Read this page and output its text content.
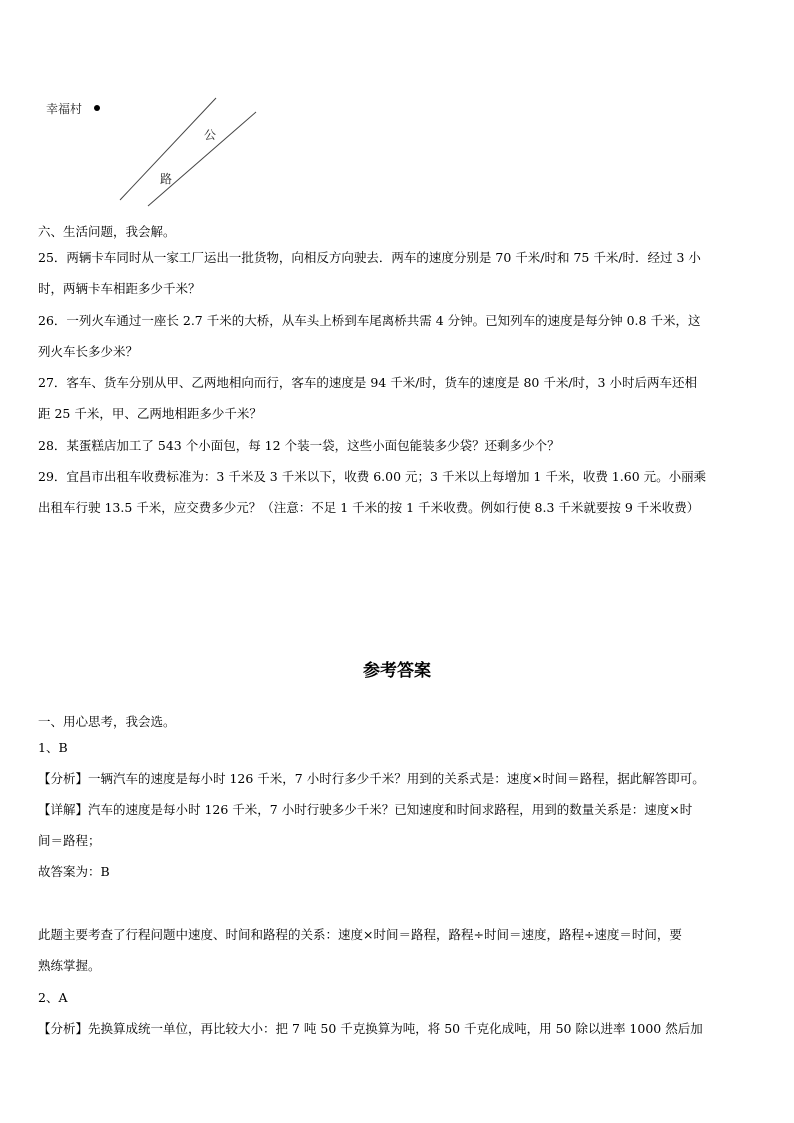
幸福村
公
路
六、生活问题，我会解。
25．两辆卡车同时从一家工厂运出一批货物，向相反方向驶去．两车的速度分别是 70 千米/时和 75 千米/时．经过 3 小
时，两辆卡车相距多少千米？
26．一列火车通过一座长 2.7 千米的大桥，从车头上桥到车尾离桥共需 4 分钟。已知列车的速度是每分钟 0.8 千米，这
列火车长多少米？
27．客车、货车分别从甲、乙两地相向而行，客车的速度是 94 千米/时，货车的速度是 80 千米/时，3 小时后两车还相
距 25 千米，甲、乙两地相距多少千米？
28．某蛋糕店加工了 543 个小面包，每 12 个装一袋，这些小面包能装多少袋？还剩多少个？
29．宜昌市出租车收费标准为：3 千米及 3 千米以下，收费 6.00 元；3 千米以上每增加 1 千米，收费 1.60 元。小丽乘
出租车行驶 13.5 千米，应交费多少元？（注意：不足 1 千米的按 1 千米收费。例如行使 8.3 千米就要按 9 千米收费）
参考答案
一、用心思考，我会选。
1、B
【分析】一辆汽车的速度是每小时 126 千米，7 小时行多少千米？用到的关系式是：速度×时间＝路程，据此解答即可。
【详解】汽车的速度是每小时 126 千米，7 小时行驶多少千米？已知速度和时间求路程，用到的数量关系是：速度×时
间＝路程；
故答案为：B
此题主要考查了行程问题中速度、时间和路程的关系：速度×时间＝路程，路程÷时间＝速度，路程÷速度＝时间，要
熟练掌握。
2、A
【分析】先换算成统一单位，再比较大小：把 7 吨 50 千克换算为吨，将 50 千克化成吨，用 50 除以进率 1000 然后加
